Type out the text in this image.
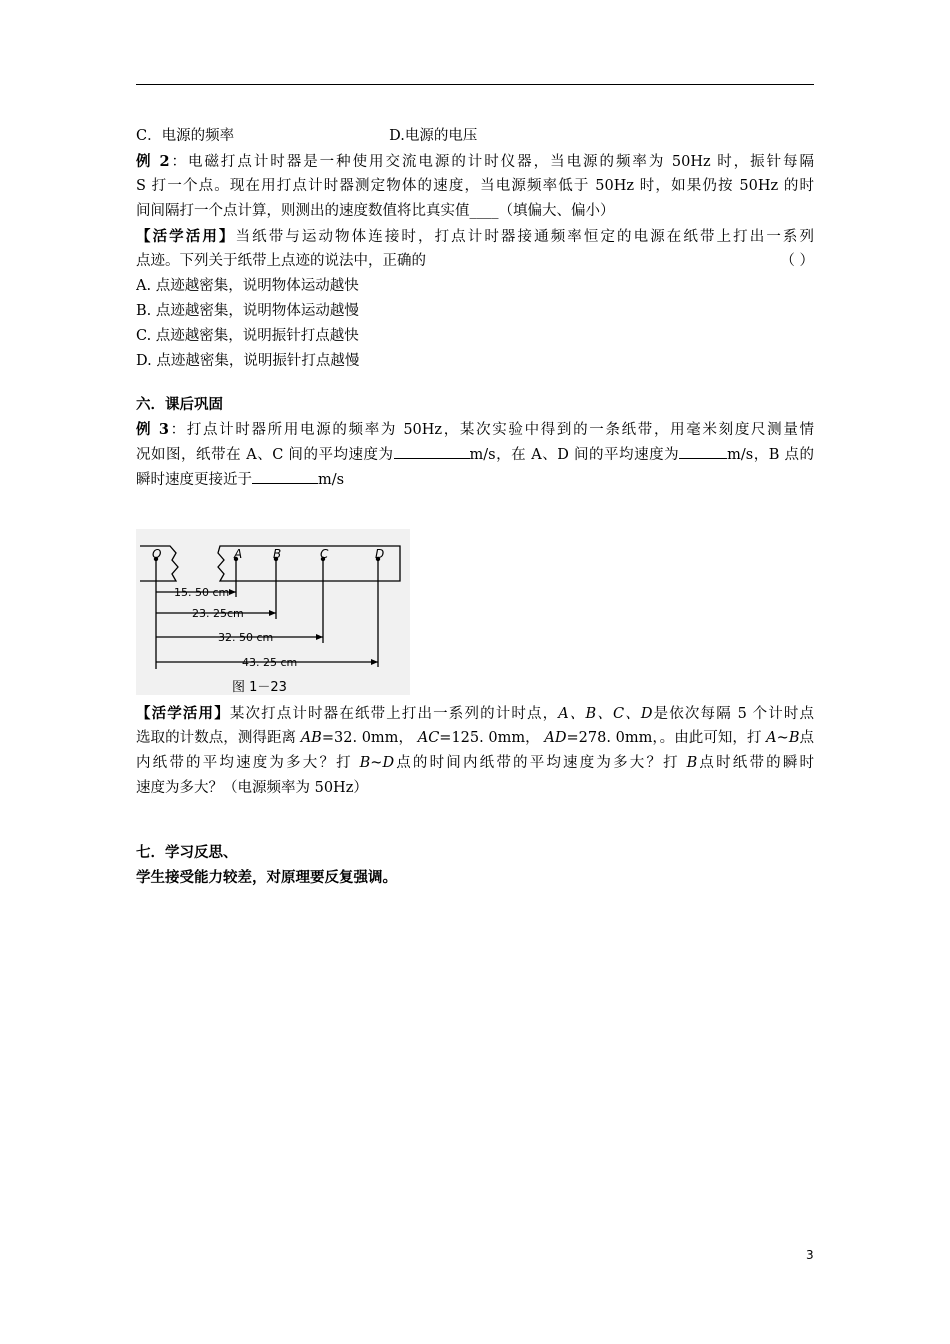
C．电源的频率	D.电源的电压
例 2：电磁打点计时器是一种使用交流电源的计时仪器，当电源的频率为 50Hz 时，振针每隔
S 打一个点。现在用打点计时器测定物体的速度，当电源频率低于 50Hz 时，如果仍按 50Hz 的时
间间隔打一个点计算，则测出的速度数值将比真实值____（填偏大、偏小）
【活学活用】当纸带与运动物体连接时，打点计时器接通频率恒定的电源在纸带上打出一系列
点迹。下列关于纸带上点迹的说法中，正确的	（ ）
A. 点迹越密集，说明物体运动越快
B. 点迹越密集，说明物体运动越慢
C. 点迹越密集，说明振针打点越快
D. 点迹越密集，说明振针打点越慢
六．课后巩固
例 3：打点计时器所用电源的频率为 50Hz，某次实验中得到的一条纸带，用毫米刻度尺测量情
况如图，纸带在 A、C 间的平均速度为	m/s，在 A、D 间的平均速度为	m/s，B 点的
瞬时速度更接近于	m/s
O	A	B	C	D
15. 50 cm
23. 25cm
32. 50 cm
43. 25 cm
图 1－23
【活学活用】某次打点计时器在纸带上打出一系列的计时点，A、B、C、D是依次每隔 5 个计时点
选取的计数点，测得距离 AB=32. 0mm， AC=125. 0mm， AD=278. 0mm，。由此可知，打 A~B点
内纸带的平均速度为多大？打 B~D点的时间内纸带的平均速度为多大？打 B点时纸带的瞬时
速度为多大？（电源频率为 50Hz）
七．学习反思、
学生接受能力较差，对原理要反复强调。
3
